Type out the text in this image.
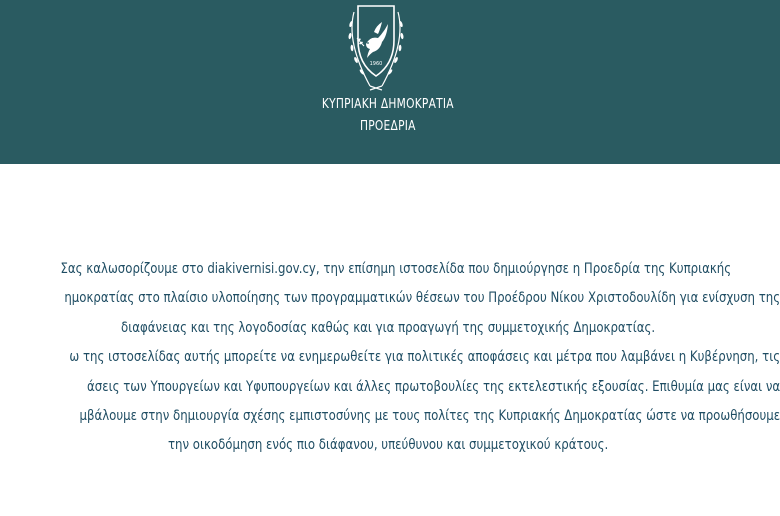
1960
ΚΥΠΡΙΑΚΗ ΔΗΜΟΚΡΑΤΙΑ
ΠΡΟΕΔΡΙΑ
Σας καλωσορίζουμε στο diakivernisi.gov.cy, την επίσημη ιστοσελίδα που δημιούργησε η Προεδρία της Κυπριακής
ημοκρατίας στο πλαίσιο υλοποίησης των προγραμματικών θέσεων του Προέδρου Νίκου Χριστοδουλίδη για ενίσχυση της
διαφάνειας και της λογοδοσίας καθώς και για προαγωγή της συμμετοχικής Δημοκρατίας.
ω της ιστοσελίδας αυτής μπορείτε να ενημερωθείτε για πολιτικές αποφάσεις και μέτρα που λαμβάνει η Κυβέρνηση, τις
άσεις των Υπουργείων και Υφυπουργείων και άλλες πρωτοβουλίες της εκτελεστικής εξουσίας. Επιθυμία μας είναι να
μβάλουμε στην δημιουργία σχέσης εμπιστοσύνης με τους πολίτες της Κυπριακής Δημοκρατίας ώστε να προωθήσουμε
την οικοδόμηση ενός πιο διάφανου, υπεύθυνου και συμμετοχικού κράτους.
